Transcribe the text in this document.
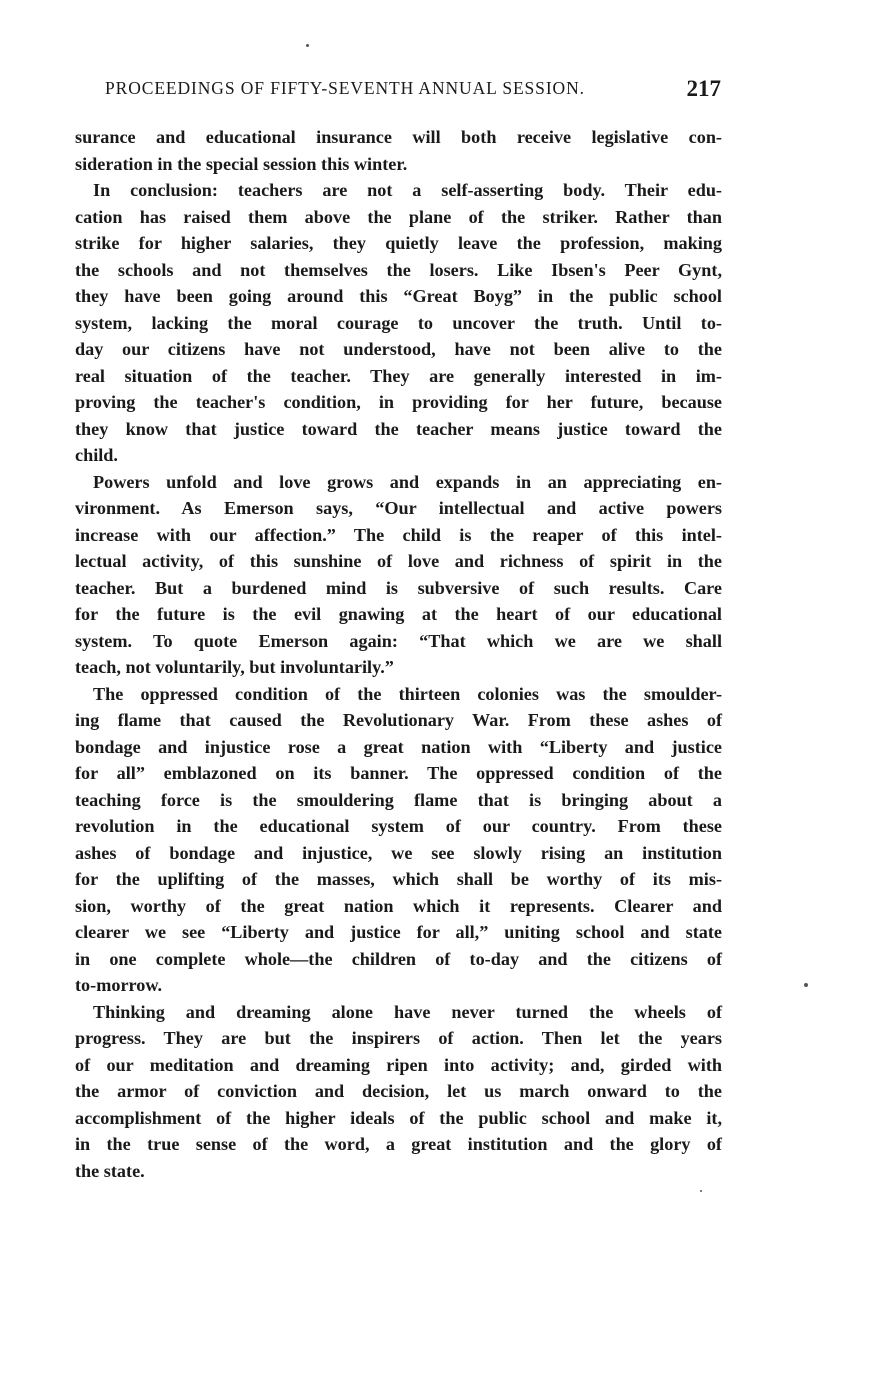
PROCEEDINGS OF FIFTY-SEVENTH ANNUAL SESSION.	217
surance and educational insurance will both receive legislative con-
sideration in the special session this winter.
In conclusion: teachers are not a self-asserting body. Their edu-
cation has raised them above the plane of the striker. Rather than
strike for higher salaries, they quietly leave the profession, making
the schools and not themselves the losers. Like Ibsen's Peer Gynt,
they have been going around this “Great Boyg” in the public school
system, lacking the moral courage to uncover the truth. Until to-
day our citizens have not understood, have not been alive to the
real situation of the teacher. They are generally interested in im-
proving the teacher's condition, in providing for her future, because
they know that justice toward the teacher means justice toward the
child.
Powers unfold and love grows and expands in an appreciating en-
vironment. As Emerson says, “Our intellectual and active powers
increase with our affection.” The child is the reaper of this intel-
lectual activity, of this sunshine of love and richness of spirit in the
teacher. But a burdened mind is subversive of such results. Care
for the future is the evil gnawing at the heart of our educational
system. To quote Emerson again: “That which we are we shall
teach, not voluntarily, but involuntarily.”
The oppressed condition of the thirteen colonies was the smoulder-
ing flame that caused the Revolutionary War. From these ashes of
bondage and injustice rose a great nation with “Liberty and justice
for all” emblazoned on its banner. The oppressed condition of the
teaching force is the smouldering flame that is bringing about a
revolution in the educational system of our country. From these
ashes of bondage and injustice, we see slowly rising an institution
for the uplifting of the masses, which shall be worthy of its mis-
sion, worthy of the great nation which it represents. Clearer and
clearer we see “Liberty and justice for all,” uniting school and state
in one complete whole—the children of to-day and the citizens of
to-morrow.
Thinking and dreaming alone have never turned the wheels of
progress. They are but the inspirers of action. Then let the years
of our meditation and dreaming ripen into activity; and, girded with
the armor of conviction and decision, let us march onward to the
accomplishment of the higher ideals of the public school and make it,
in the true sense of the word, a great institution and the glory of
the state.
